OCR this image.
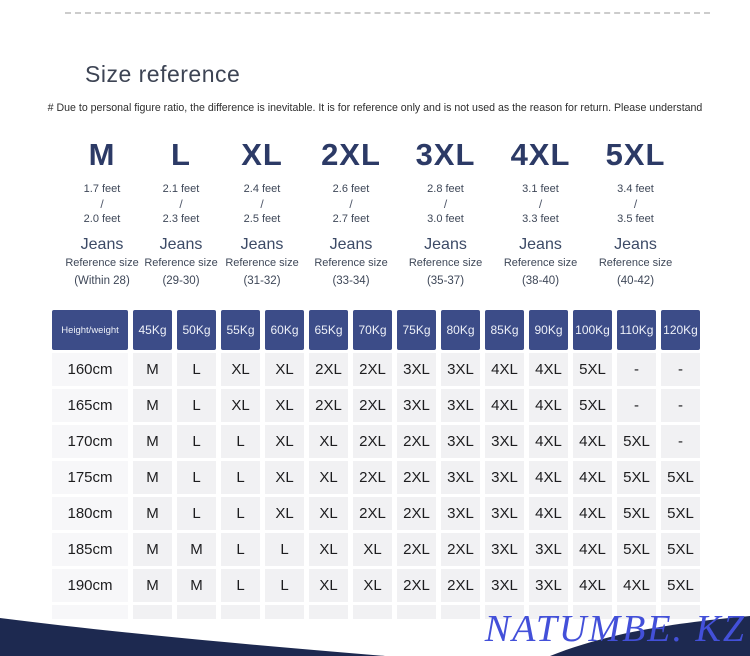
Size reference
# Due to personal figure ratio, the difference is inevitable. It is for reference only and is not used as the reason for return. Please understand
M
1.7 feet
/
2.0 feet
Jeans
Reference size
(Within 28)
L
2.1 feet
/
2.3 feet
Jeans
Reference size
(29-30)
XL
2.4 feet
/
2.5 feet
Jeans
Reference size
(31-32)
2XL
2.6 feet
/
2.7 feet
Jeans
Reference size
(33-34)
3XL
2.8 feet
/
3.0 feet
Jeans
Reference size
(35-37)
4XL
3.1 feet
/
3.3 feet
Jeans
Reference size
(38-40)
5XL
3.4 feet
/
3.5 feet
Jeans
Reference size
(40-42)
Height/weight	45Kg	50Kg	55Kg	60Kg	65Kg	70Kg	75Kg	80Kg	85Kg	90Kg	100Kg 110Kg 120Kg
160cm	M	L	XL	XL	2XL	2XL	3XL	3XL	4XL	4XL	5XL	-	-
165cm	M	L	XL	XL	2XL	2XL	3XL	3XL	4XL	4XL	5XL	-	-
170cm	M	L	L	XL	XL	2XL	2XL	3XL	3XL	4XL	4XL	5XL	-
175cm	M	L	L	XL	XL	2XL	2XL	3XL	3XL	4XL	4XL	5XL	5XL
180cm	M	L	L	XL	XL	2XL	2XL	3XL	3XL	4XL	4XL	5XL	5XL
185cm	M	M	L	L	XL	XL	2XL	2XL	3XL	3XL	4XL	5XL	5XL
190cm	M	M	L	L	XL	XL	2XL	2XL	3XL	3XL	4XL	4XL	5XL
NATUMBE. KZ
